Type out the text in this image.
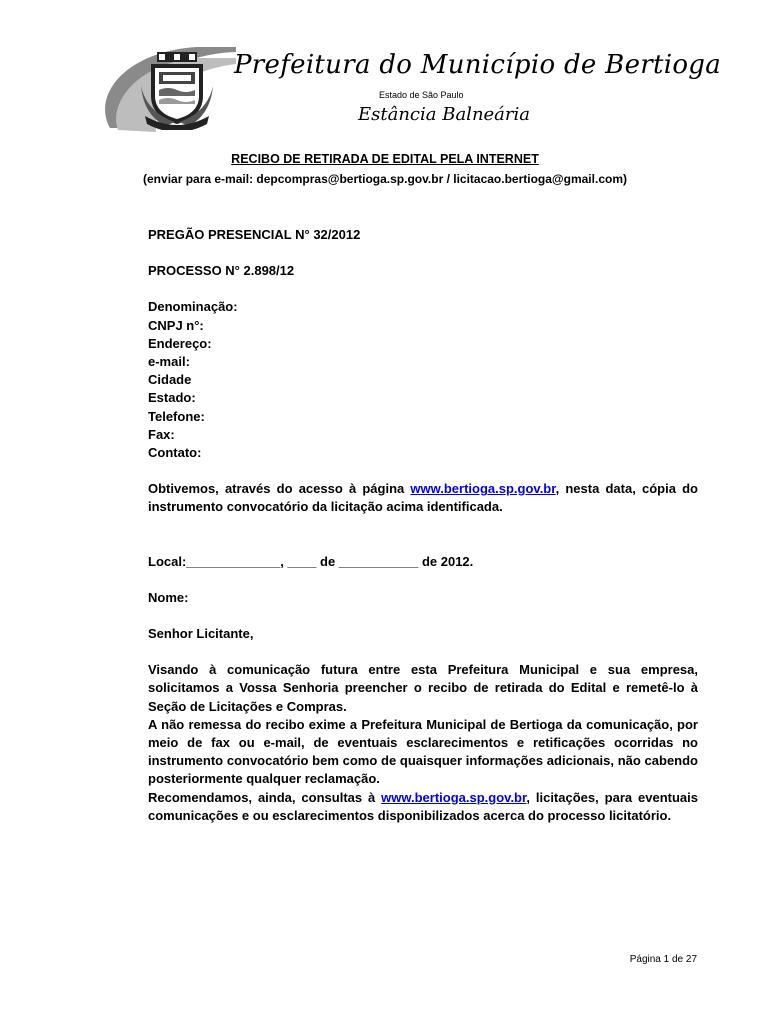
Prefeitura do Município de Bertioga
Estado de São Paulo
Estância Balneária
RECIBO DE RETIRADA DE EDITAL PELA INTERNET
(enviar para e-mail: depcompras@bertioga.sp.gov.br / licitacao.bertioga@gmail.com)

PREGÃO PRESENCIAL N° 32/2012

PROCESSO N° 2.898/12

Denominação:

CNPJ n°:

Endereço:

e-mail:

Cidade

Estado:

Telefone:

Fax:

Contato:

Obtivemos, através do acesso à página www.bertioga.sp.gov.br, nesta data, cópia do instrumento convocatório da licitação acima identificada.

Local:_____________, ____ de ___________ de 2012.

Nome:

Senhor Licitante,

Visando à comunicação futura entre esta Prefeitura Municipal e sua empresa, solicitamos a Vossa Senhoria preencher o recibo de retirada do Edital e remetê-lo à Seção de Licitações e Compras.

A não remessa do recibo exime a Prefeitura Municipal de Bertioga da comunicação, por meio de fax ou e-mail, de eventuais esclarecimentos e retificações ocorridas no instrumento convocatório bem como de quaisquer informações adicionais, não cabendo posteriormente qualquer reclamação.

Recomendamos, ainda, consultas à www.bertioga.sp.gov.br, licitações, para eventuais comunicações e ou esclarecimentos disponibilizados acerca do processo licitatório.

Página 1 de 27
